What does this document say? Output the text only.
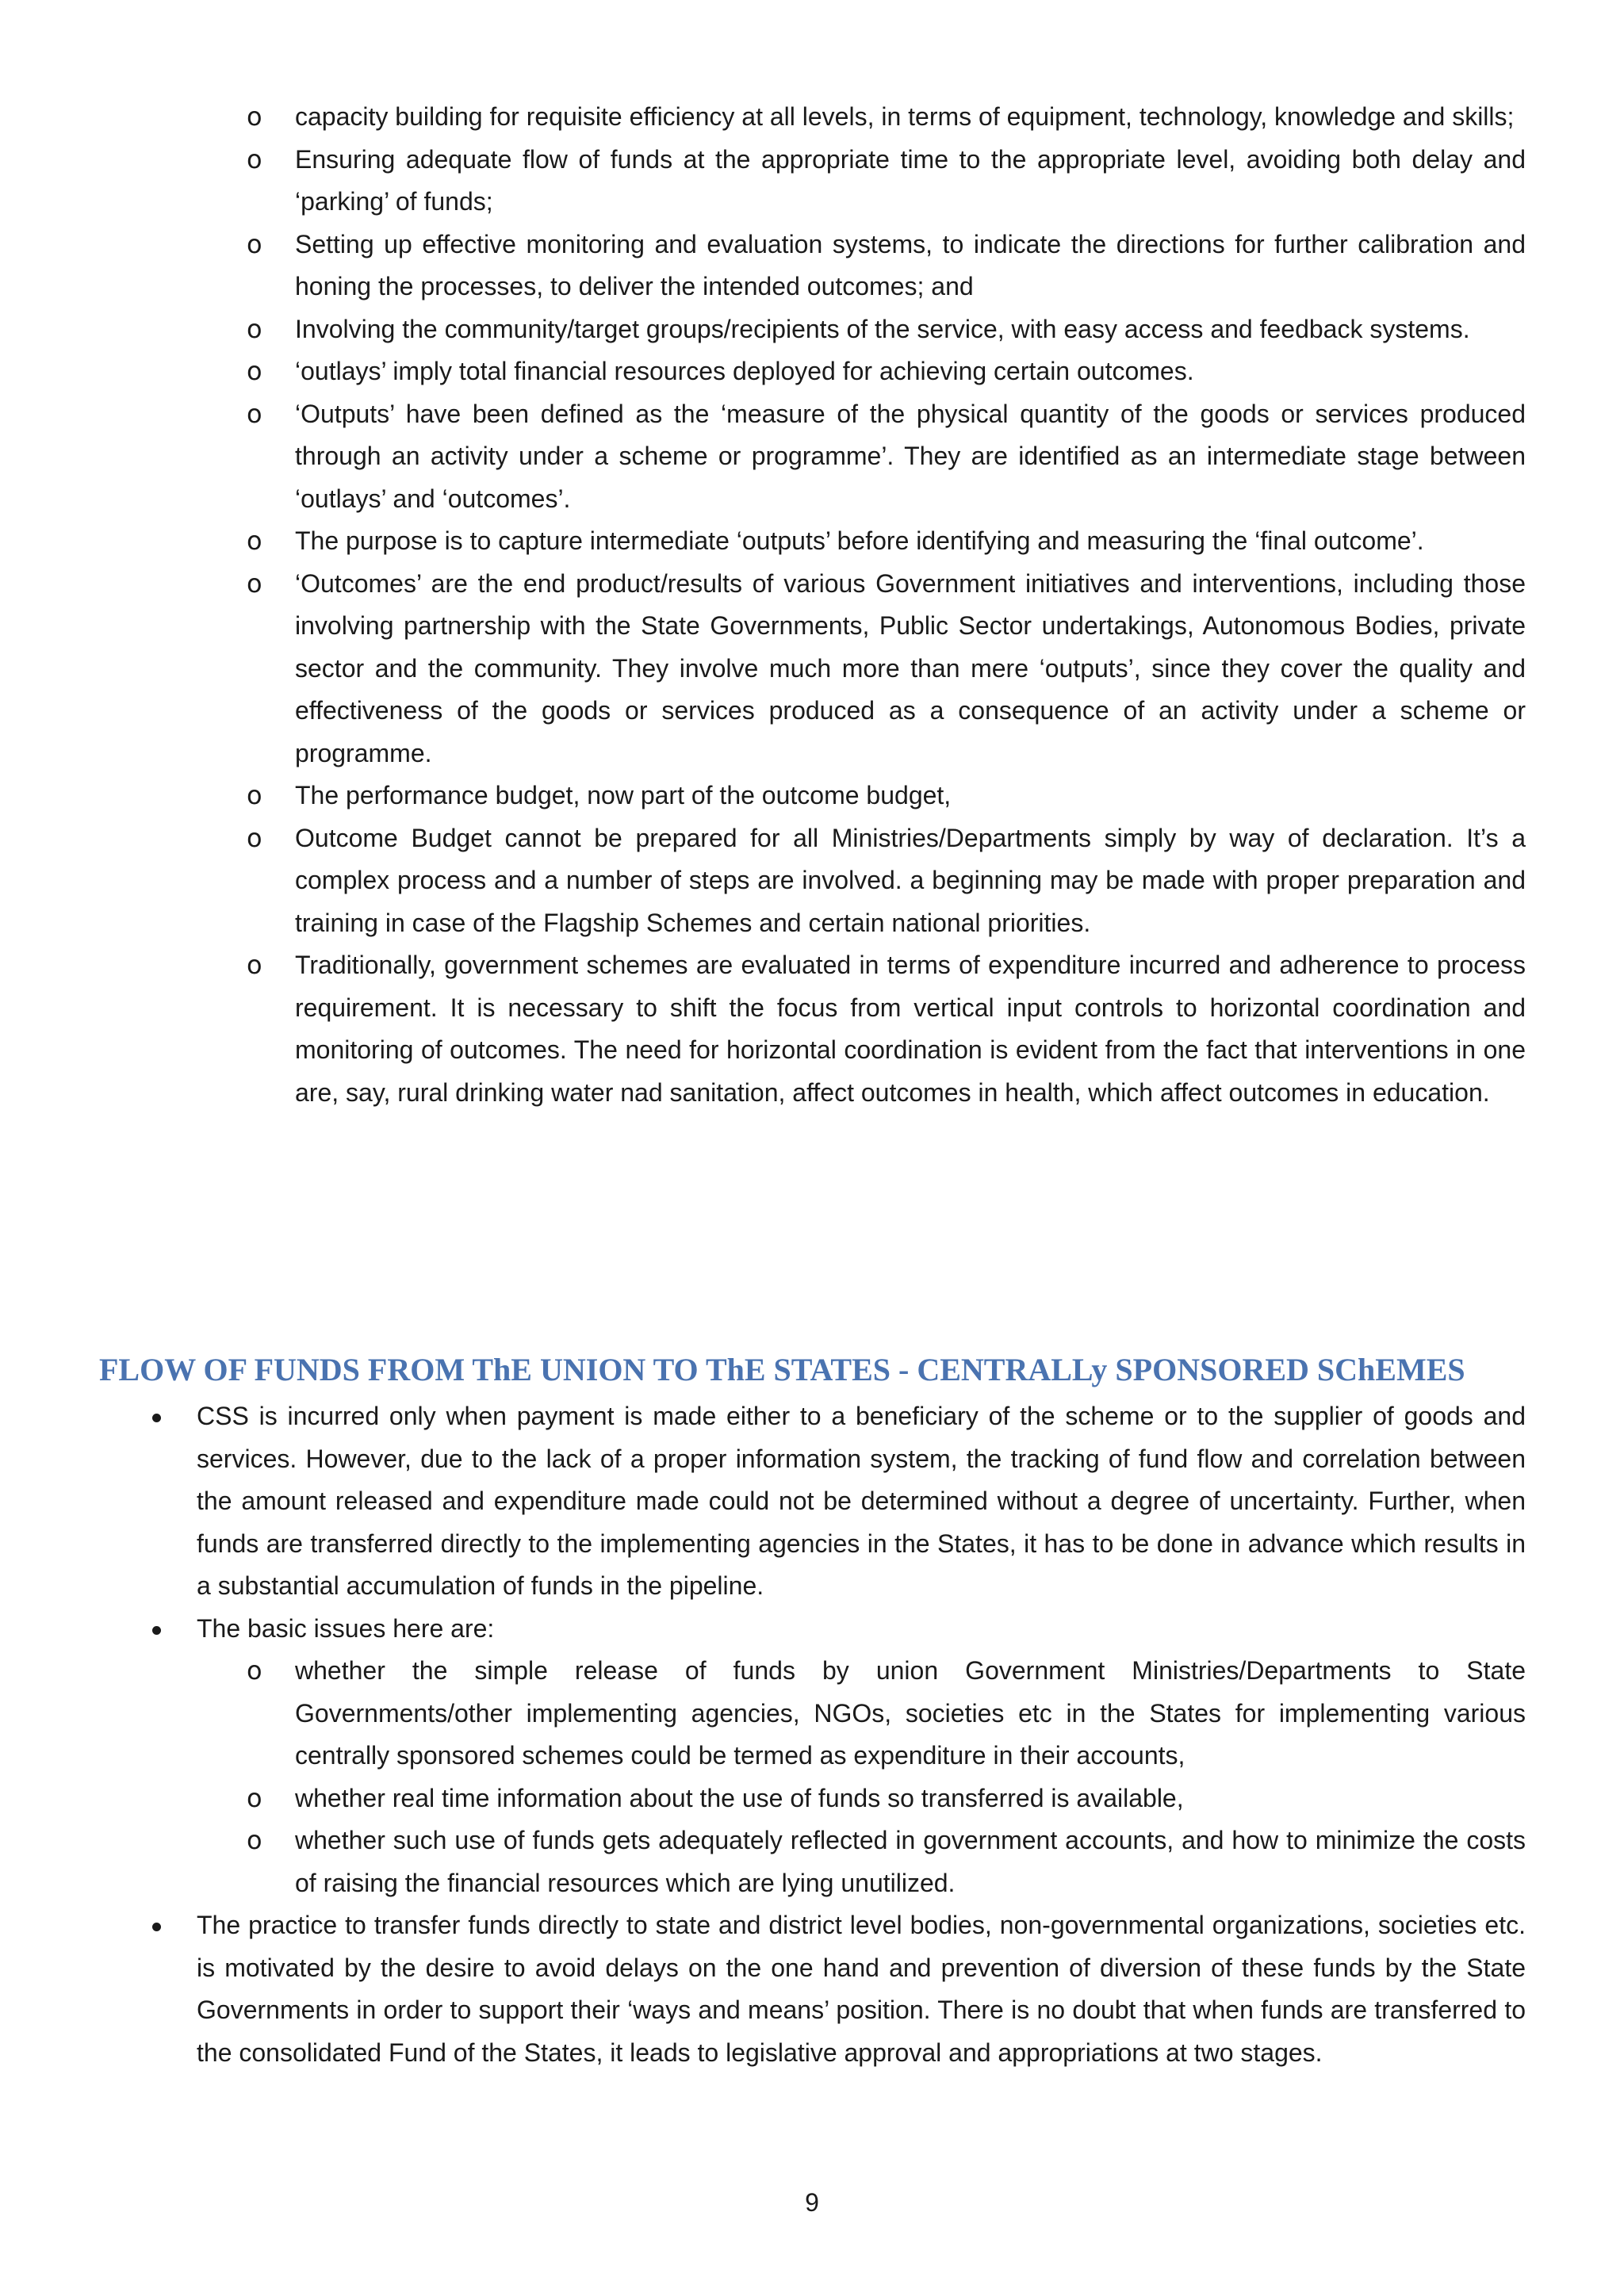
o capacity building for requisite efficiency at all levels, in terms of equipment, technology, knowledge and skills;
o Ensuring adequate flow of funds at the appropriate time to the appropriate level, avoiding both delay and ‘parking’ of funds;
o Setting up effective monitoring and evaluation systems, to indicate the directions for further calibration and honing the processes, to deliver the intended outcomes; and
o Involving the community/target groups/recipients of the service, with easy access and feedback systems.
o ‘outlays’ imply total financial resources deployed for achieving certain outcomes.
o ‘Outputs’ have been defined as the ‘measure of the physical quantity of the goods or services produced through an activity under a scheme or programme’. They are identified as an intermediate stage between ‘outlays’ and ‘outcomes’.
o The purpose is to capture intermediate ‘outputs’ before identifying and measuring the ‘final outcome’.
o ‘Outcomes’ are the end product/results of various Government initiatives and interventions, including those involving partnership with the State Governments, Public Sector undertakings, Autonomous Bodies, private sector and the community. They involve much more than mere ‘outputs’, since they cover the quality and effectiveness of the goods or services produced as a consequence of an activity under a scheme or programme.
o The performance budget, now part of the outcome budget,
o Outcome Budget cannot be prepared for all Ministries/Departments simply by way of declaration. It’s a complex process and a number of steps are involved. a beginning may be made with proper preparation and training in case of the Flagship Schemes and certain national priorities.
o Traditionally, government schemes are evaluated in terms of expenditure incurred and adherence to process requirement. It is necessary to shift the focus from vertical input controls to horizontal coordination and monitoring of outcomes. The need for horizontal coordination is evident from the fact that interventions in one are, say, rural drinking water nad sanitation, affect outcomes in health, which affect outcomes in education.
FLOW OF FUNDS FROM ThE UNION TO ThE STATES - CENTRALLy SPONSORED SChEMES
CSS is incurred only when payment is made either to a beneficiary of the scheme or to the supplier of goods and services. However, due to the lack of a proper information system, the tracking of fund flow and correlation between the amount released and expenditure made could not be determined without a degree of uncertainty. Further, when funds are transferred directly to the implementing agencies in the States, it has to be done in advance which results in a substantial accumulation of funds in the pipeline.
The basic issues here are:
o whether the simple release of funds by union Government Ministries/Departments to State Governments/other implementing agencies, NGOs, societies etc in the States for implementing various centrally sponsored schemes could be termed as expenditure in their accounts,
o whether real time information about the use of funds so transferred is available,
o whether such use of funds gets adequately reflected in government accounts, and how to minimize the costs of raising the financial resources which are lying unutilized.
The practice to transfer funds directly to state and district level bodies, non-governmental organizations, societies etc. is motivated by the desire to avoid delays on the one hand and prevention of diversion of these funds by the State Governments in order to support their ‘ways and means’ position. There is no doubt that when funds are transferred to the consolidated Fund of the States, it leads to legislative approval and appropriations at two stages.
9
